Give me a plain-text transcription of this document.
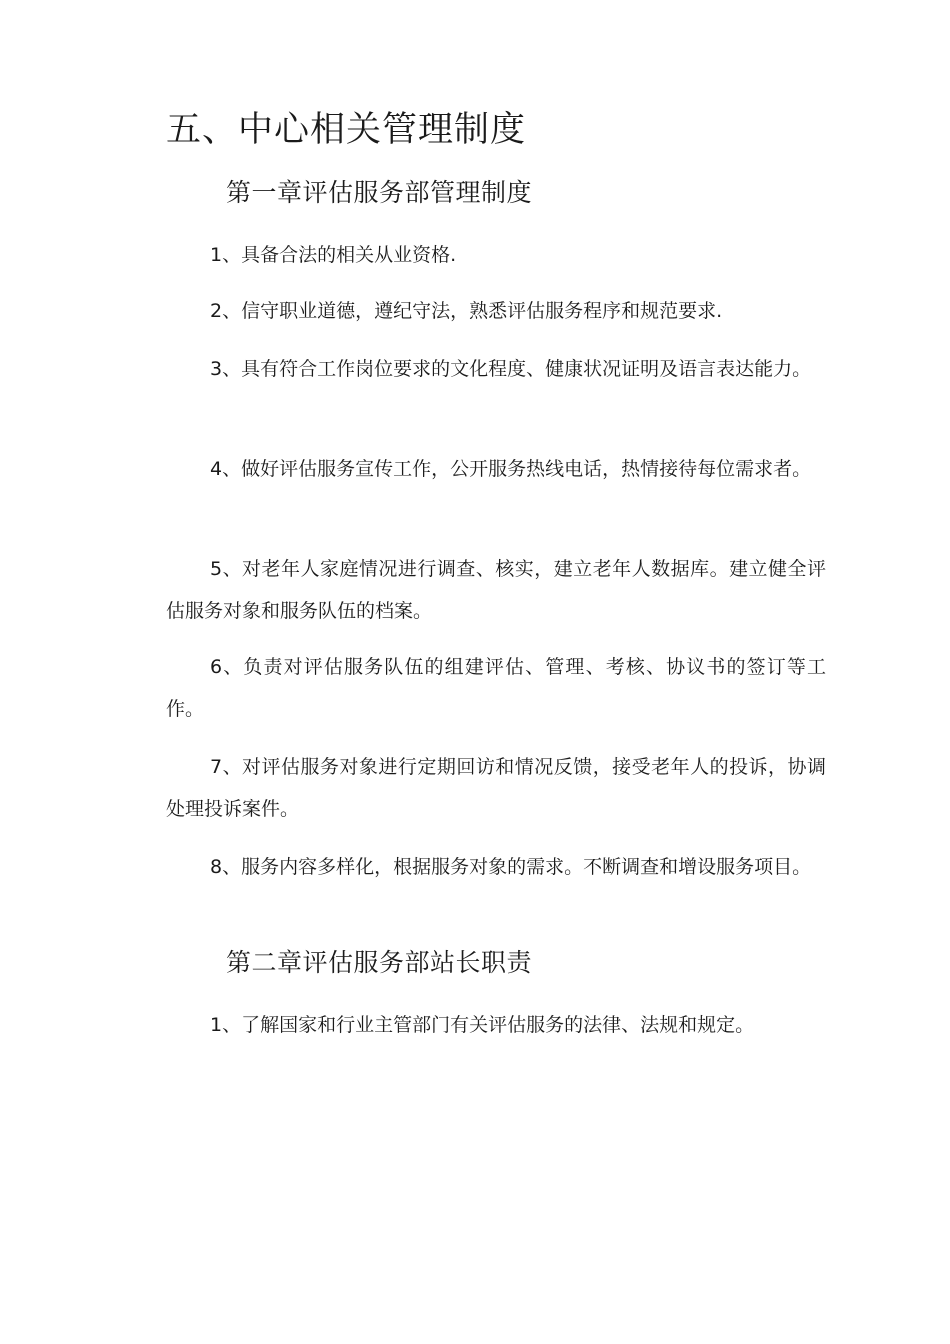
五、中心相关管理制度
第一章评估服务部管理制度

1、具备合法的相关从业资格.

2、信守职业道德，遵纪守法，熟悉评估服务程序和规范要求.

3、具有符合工作岗位要求的文化程度、健康状况证明及语言表达能力。

4、做好评估服务宣传工作，公开服务热线电话，热情接待每位需求者。

5、对老年人家庭情况进行调查、核实，建立老年人数据库。建立健全评估服务对象和服务队伍的档案。

6、负责对评估服务队伍的组建评估、管理、考核、协议书的签订等工作。

7、对评估服务对象进行定期回访和情况反馈，接受老年人的投诉，协调处理投诉案件。

8、服务内容多样化，根据服务对象的需求。不断调查和增设服务项目。

第二章评估服务部站长职责

1、了解国家和行业主管部门有关评估服务的法律、法规和规定。
